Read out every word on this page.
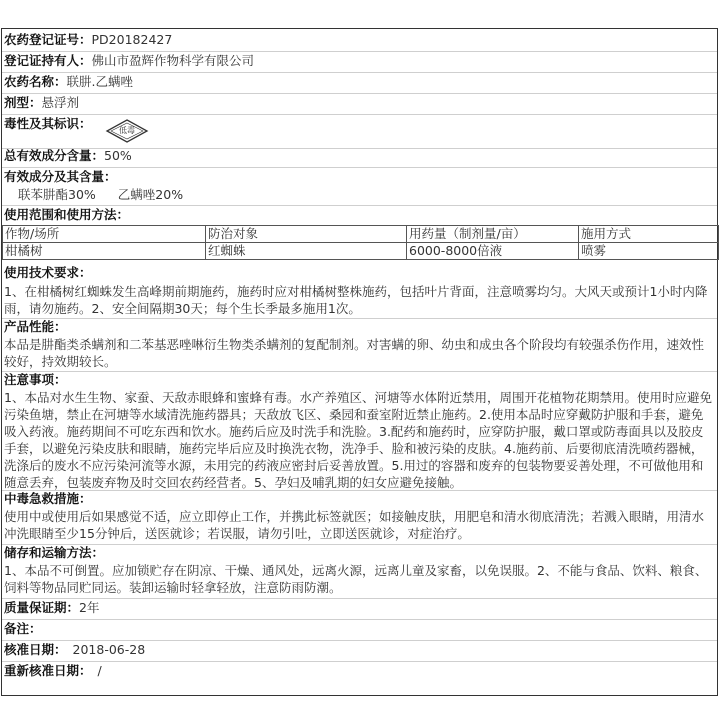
农药登记证号：PD20182427
登记证持有人：佛山市盈辉作物科学有限公司
农药名称：联肼.乙螨唑
剂型：悬浮剂
毒性及其标识：	低毒
总有效成分含量：50%
有效成分及其含量：
联苯肼酯30% 乙螨唑20%
使用范围和使用方法：
作物/场所	防治对象	用药量（制剂量/亩）	施用方式
柑橘树	红蜘蛛	6000-8000倍液	喷雾
使用技术要求：
1、在柑橘树红蜘蛛发生高峰期前期施药，施药时应对柑橘树整株施药，包括叶片背面，注意喷雾均匀。大风天或预计1小时内降雨，请勿施药。2、安全间隔期30天；每个生长季最多施用1次。
产品性能：
本品是肼酯类杀螨剂和二苯基恶唑啉衍生物类杀螨剂的复配制剂。对害螨的卵、幼虫和成虫各个阶段均有较强杀伤作用，速效性较好，持效期较长。
注意事项：
1、本品对水生生物、家蚕、天敌赤眼蜂和蜜蜂有毒。水产养殖区、河塘等水体附近禁用，周围开花植物花期禁用。使用时应避免污染鱼塘，禁止在河塘等水域清洗施药器具；天敌放飞区、桑园和蚕室附近禁止施药。2.使用本品时应穿戴防护服和手套，避免吸入药液。施药期间不可吃东西和饮水。施药后应及时洗手和洗脸。3.配药和施药时，应穿防护服，戴口罩或防毒面具以及胶皮手套，以避免污染皮肤和眼睛，施药完毕后应及时换洗衣物，洗净手、脸和被污染的皮肤。4.施药前、后要彻底清洗喷药器械，洗涤后的废水不应污染河流等水源，未用完的药液应密封后妥善放置。5.用过的容器和废弃的包装物要妥善处理，不可做他用和随意丢弃，包装废弃物及时交回农药经营者。5、孕妇及哺乳期的妇女应避免接触。
中毒急救措施：
使用中或使用后如果感觉不适，应立即停止工作，并携此标签就医；如接触皮肤，用肥皂和清水彻底清洗；若溅入眼睛，用清水冲洗眼睛至少15分钟后，送医就诊；若误服，请勿引吐，立即送医就诊，对症治疗。
储存和运输方法：
1、本品不可倒置。应加锁贮存在阴凉、干燥、通风处，远离火源，远离儿童及家畜，以免误服。2、不能与食品、饮料、粮食、饲料等物品同贮同运。装卸运输时轻拿轻放，注意防雨防潮。
质量保证期：2年
备注：
核准日期： 2018-06-28
重新核准日期： /
